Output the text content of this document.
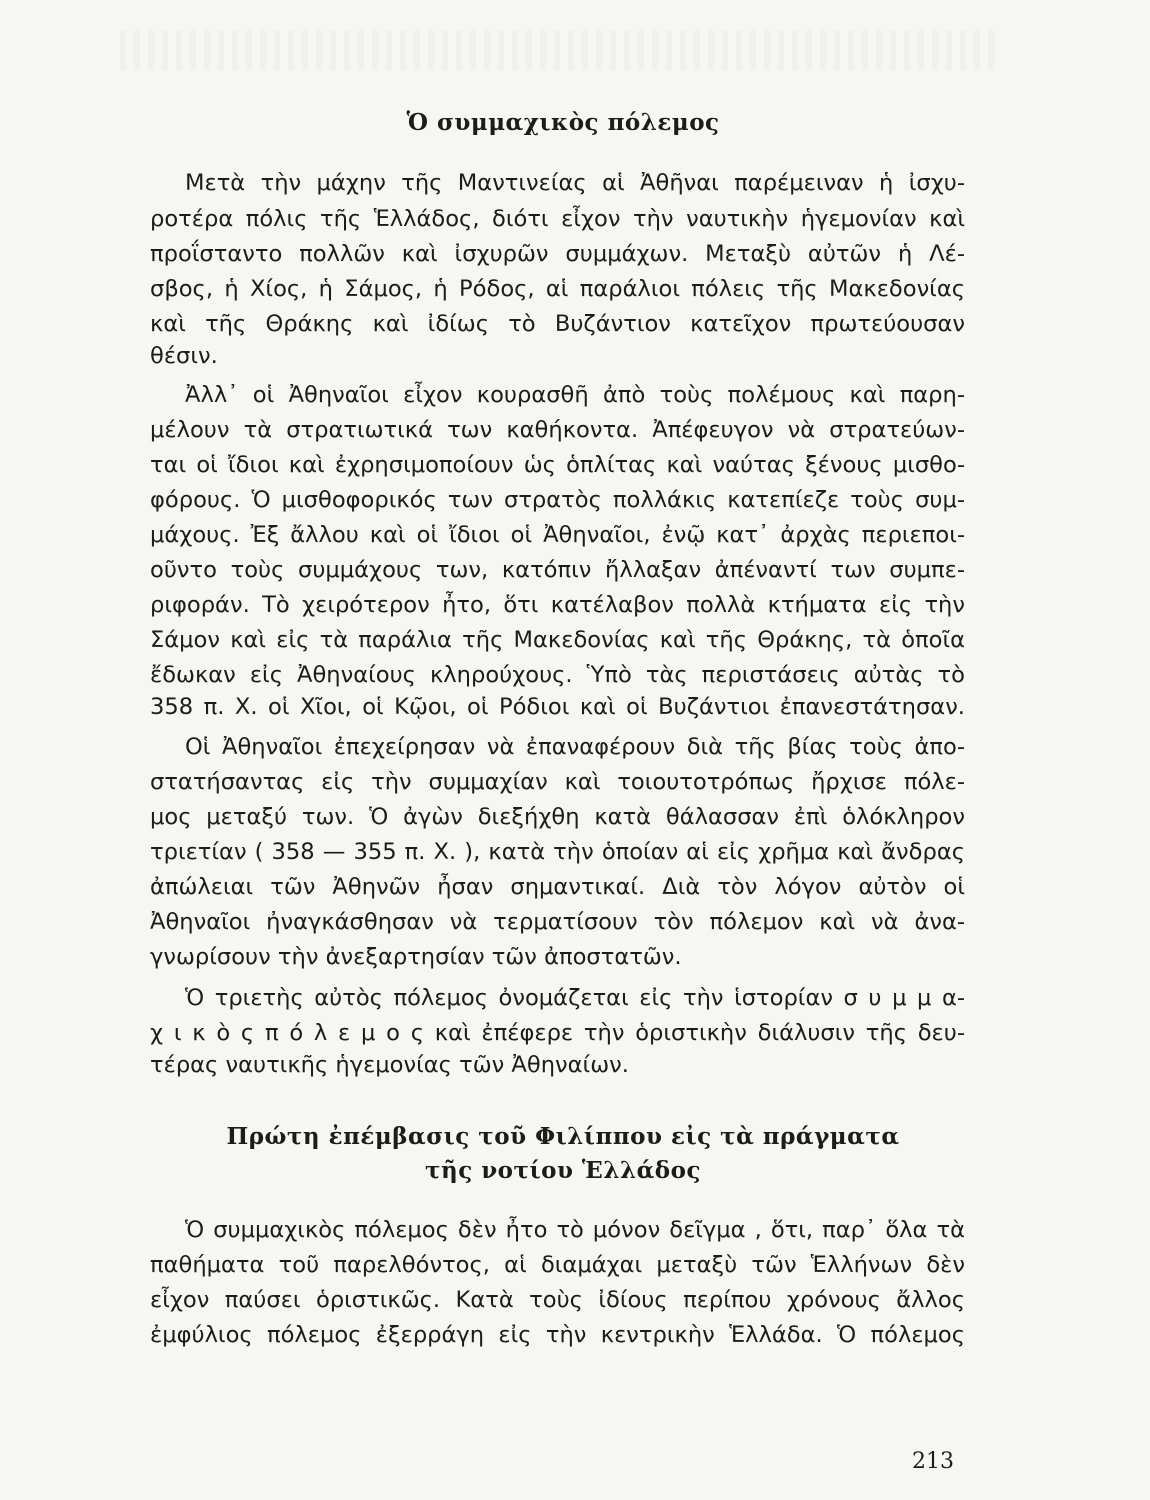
Ὁ συμμαχικὸς πόλεμος
Μετὰ τὴν μάχην τῆς Μαντινείας αἱ Ἀθῆναι παρέμειναν ἡ ἰσχυ-
ροτέρα πόλις τῆς Ἑλλάδος, διότι εἶχον τὴν ναυτικὴν ἡγεμονίαν καὶ
προΐσταντο πολλῶν καὶ ἰσχυρῶν συμμάχων. Μεταξὺ αὐτῶν ἡ Λέ-
σβος, ἡ Χίος, ἡ Σάμος, ἡ Ρόδος, αἱ παράλιοι πόλεις τῆς Μακεδονίας
καὶ τῆς Θράκης καὶ ἰδίως τὸ Βυζάντιον κατεῖχον πρωτεύουσαν
θέσιν.
Ἀλλ᾽ οἱ Ἀθηναῖοι εἶχον κουρασθῆ ἀπὸ τοὺς πολέμους καὶ παρη-
μέλουν τὰ στρατιωτικά των καθήκοντα. Ἀπέφευγον νὰ στρατεύων-
ται οἱ ἴδιοι καὶ ἐχρησιμοποίουν ὡς ὁπλίτας καὶ ναύτας ξένους μισθο-
φόρους. Ὁ μισθοφορικός των στρατὸς πολλάκις κατεπίεζε τοὺς συμ-
μάχους. Ἐξ ἄλλου καὶ οἱ ἴδιοι οἱ Ἀθηναῖοι, ἐνῷ κατ᾽ ἀρχὰς περιεποι-
οῦντο τοὺς συμμάχους των, κατόπιν ἤλλαξαν ἀπέναντί των συμπε-
ριφοράν. Τὸ χειρότερον ἦτο, ὅτι κατέλαβον πολλὰ κτήματα εἰς τὴν
Σάμον καὶ εἰς τὰ παράλια τῆς Μακεδονίας καὶ τῆς Θράκης, τὰ ὁποῖα
ἔδωκαν εἰς Ἀθηναίους κληρούχους. Ὑπὸ τὰς περιστάσεις αὐτὰς τὸ
358 π. Χ. οἱ Χῖοι, οἱ Κῷοι, οἱ Ρόδιοι καὶ οἱ Βυζάντιοι ἐπανεστάτησαν.
Οἱ Ἀθηναῖοι ἐπεχείρησαν νὰ ἐπαναφέρουν διὰ τῆς βίας τοὺς ἀπο-
στατήσαντας εἰς τὴν συμμαχίαν καὶ τοιουτοτρόπως ἤρχισε πόλε-
μος μεταξύ των. Ὁ ἀγὼν διεξήχθη κατὰ θάλασσαν ἐπὶ ὁλόκληρον
τριετίαν ( 358 — 355 π. Χ. ), κατὰ τὴν ὁποίαν αἱ εἰς χρῆμα καὶ ἄνδρας
ἀπώλειαι τῶν Ἀθηνῶν ἦσαν σημαντικαί. Διὰ τὸν λόγον αὐτὸν οἱ
Ἀθηναῖοι ἠναγκάσθησαν νὰ τερματίσουν τὸν πόλεμον καὶ νὰ ἀνα-
γνωρίσουν τὴν ἀνεξαρτησίαν τῶν ἀποστατῶν.
Ὁ τριετὴς αὐτὸς πόλεμος ὀνομάζεται εἰς τὴν ἱστορίαν σ υ μ μ α-
χ ι κ ὸ ς π ό λ ε μ ο ς καὶ ἐπέφερε τὴν ὁριστικὴν διάλυσιν τῆς δευ-
τέρας ναυτικῆς ἡγεμονίας τῶν Ἀθηναίων.
Πρώτη ἐπέμβασις τοῦ Φιλίππου εἰς τὰ πράγματα
τῆς νοτίου Ἑλλάδος
Ὁ συμμαχικὸς πόλεμος δὲν ἦτο τὸ μόνον δεῖγμα , ὅτι, παρ᾽ ὅλα τὰ
παθήματα τοῦ παρελθόντος, αἱ διαμάχαι μεταξὺ τῶν Ἑλλήνων δὲν
εἶχον παύσει ὁριστικῶς. Κατὰ τοὺς ἰδίους περίπου χρόνους ἄλλος
ἐμφύλιος πόλεμος ἐξερράγη εἰς τὴν κεντρικὴν Ἑλλάδα. Ὁ πόλεμος
213
